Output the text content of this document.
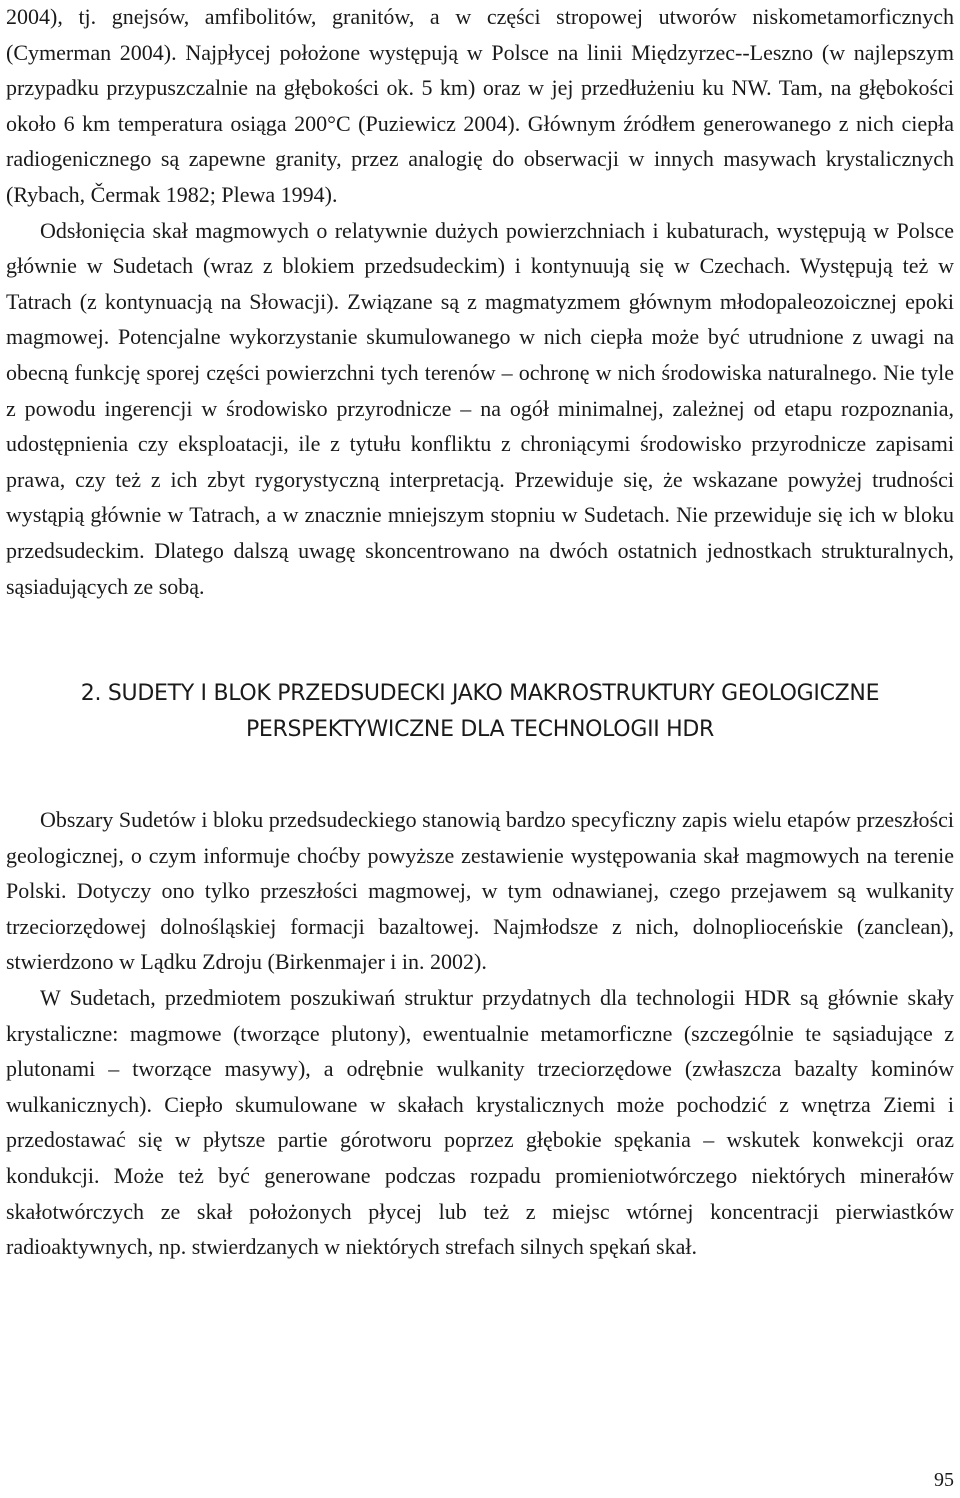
2004), tj. gnejsów, amfibolitów, granitów, a w części stropowej utworów niskometamorficznych (Cymerman 2004). Najpłycej położone występują w Polsce na linii Międzyrzec--Leszno (w najlepszym przypadku przypuszczalnie na głębokości ok. 5 km) oraz w jej przedłużeniu ku NW. Tam, na głębokości około 6 km temperatura osiąga 200°C (Puziewicz 2004). Głównym źródłem generowanego z nich ciepła radiogenicznego są zapewne granity, przez analogię do obserwacji w innych masywach krystalicznych (Rybach, Čermak 1982; Plewa 1994).

Odsłonięcia skał magmowych o relatywnie dużych powierzchniach i kubaturach, występują w Polsce głównie w Sudetach (wraz z blokiem przedsudeckim) i kontynuują się w Czechach. Występują też w Tatrach (z kontynuacją na Słowacji). Związane są z magmatyzmem głównym młodopaleozoicznej epoki magmowej. Potencjalne wykorzystanie skumulowanego w nich ciepła może być utrudnione z uwagi na obecną funkcję sporej części powierzchni tych terenów – ochronę w nich środowiska naturalnego. Nie tyle z powodu ingerencji w środowisko przyrodnicze – na ogół minimalnej, zależnej od etapu rozpoznania, udostępnienia czy eksploatacji, ile z tytułu konfliktu z chroniącymi środowisko przyrodnicze zapisami prawa, czy też z ich zbyt rygorystyczną interpretacją. Przewiduje się, że wskazane powyżej trudności wystąpią głównie w Tatrach, a w znacznie mniejszym stopniu w Sudetach. Nie przewiduje się ich w bloku przedsudeckim. Dlatego dalszą uwagę skoncentrowano na dwóch ostatnich jednostkach strukturalnych, sąsiadujących ze sobą.

2. SUDETY I BLOK PRZEDSUDECKI JAKO MAKROSTRUKTURY GEOLOGICZNE
PERSPEKTYWICZNE DLA TECHNOLOGII HDR

Obszary Sudetów i bloku przedsudeckiego stanowią bardzo specyficzny zapis wielu etapów przeszłości geologicznej, o czym informuje choćby powyższe zestawienie występowania skał magmowych na terenie Polski. Dotyczy ono tylko przeszłości magmowej, w tym odnawianej, czego przejawem są wulkanity trzeciorzędowej dolnośląskiej formacji bazaltowej. Najmłodsze z nich, dolnoplioceńskie (zanclean), stwierdzono w Lądku Zdroju (Birkenmajer i in. 2002).

W Sudetach, przedmiotem poszukiwań struktur przydatnych dla technologii HDR są głównie skały krystaliczne: magmowe (tworzące plutony), ewentualnie metamorficzne (szczególnie te sąsiadujące z plutonami – tworzące masywy), a odrębnie wulkanity trzeciorzędowe (zwłaszcza bazalty kominów wulkanicznych). Ciepło skumulowane w skałach krystalicznych może pochodzić z wnętrza Ziemi i przedostawać się w płytsze partie górotworu poprzez głębokie spękania – wskutek konwekcji oraz kondukcji. Może też być generowane podczas rozpadu promieniotwórczego niektórych minerałów skałotwórczych ze skał położonych płycej lub też z miejsc wtórnej koncentracji pierwiastków radioaktywnych, np. stwierdzanych w niektórych strefach silnych spękań skał.

95
